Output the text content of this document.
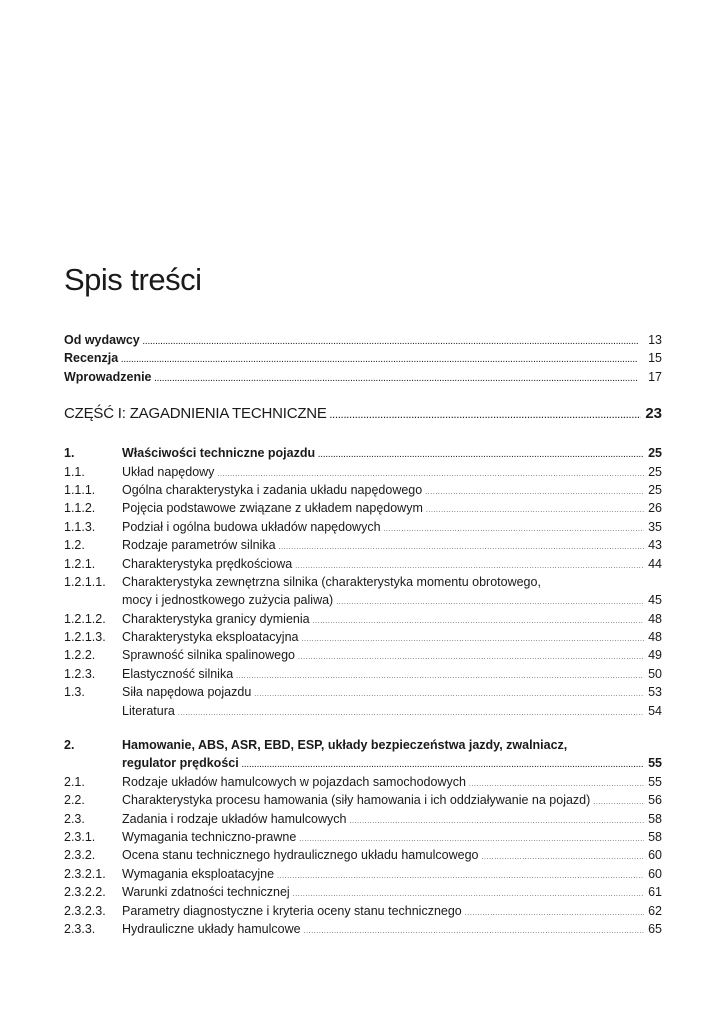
Spis treści
Od wydawcy .....	13
Recenzja .....	15
Wprowadzenie .....	17
CZĘŚĆ I: ZAGADNIENIA TECHNICZNE .....	23
1.	Właściwości techniczne pojazdu .....	25
1.1.	Układ napędowy .....	25
1.1.1.	Ogólna charakterystyka i zadania układu napędowego .....	25
1.1.2.	Pojęcia podstawowe związane z układem napędowym .....	26
1.1.3.	Podział i ogólna budowa układów napędowych .....	35
1.2.	Rodzaje parametrów silnika .....	43
1.2.1.	Charakterystyka prędkościowa .....	44
1.2.1.1.	Charakterystyka zewnętrzna silnika (charakterystyka momentu obrotowego,
mocy i jednostkowego zużycia paliwa) .....	45
1.2.1.2.	Charakterystyka granicy dymienia .....	48
1.2.1.3.	Charakterystyka eksploatacyjna .....	48
1.2.2.	Sprawność silnika spalinowego .....	49
1.2.3.	Elastyczność silnika .....	50
1.3.	Siła napędowa pojazdu .....	53
Literatura .....	54
2.	Hamowanie, ABS, ASR, EBD, ESP, układy bezpieczeństwa jazdy, zwalniacz,
regulator prędkości .....	55
2.1.	Rodzaje układów hamulcowych w pojazdach samochodowych .....	55
2.2.	Charakterystyka procesu hamowania (siły hamowania i ich oddziaływanie na pojazd) .....	56
2.3.	Zadania i rodzaje układów hamulcowych .....	58
2.3.1.	Wymagania techniczno-prawne .....	58
2.3.2.	Ocena stanu technicznego hydraulicznego układu hamulcowego .....	60
2.3.2.1.	Wymagania eksploatacyjne .....	60
2.3.2.2.	Warunki zdatności technicznej .....	61
2.3.2.3.	Parametry diagnostyczne i kryteria oceny stanu technicznego .....	62
2.3.3.	Hydrauliczne układy hamulcowe .....	65
